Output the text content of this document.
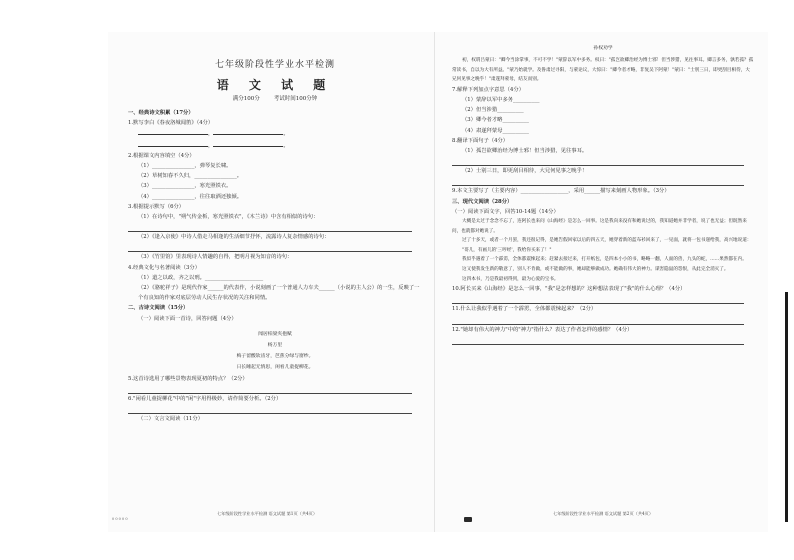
七年级阶段性学业水平检测
语 文 试 题
满分100分	考试时间100分钟
一、经典诗文积累（17分）
1.默写李白《春夜洛城闻笛》（4分）
，	。
，	。
2.根据课文内容填空（4分）
（1）________________，弹琴复长啸。
（2）草树知春不久归，________________。
（3）________________，寒光照铁衣。
（4）________________，往往取酒还独倾。
3.根据提示默写（6分）
（1）在诗句中，"朔气传金柝，寒光照铁衣"，《木兰诗》中含有相似的诗句：
（2）《逢入京使》中诗人借走马相逢的生活细节抒怀，流露诗人复杂情感的诗句：
（3）《竹里馆》里表现诗人情趣的自得，把明月视为知音的诗句：
4.经典文化与名著阅读（3分）
（1）道之以政，齐之以刑。______________________
（2）《骆驼祥子》是现代作家______的代表作，小说刻画了一个普通人力车夫______（小说的主人公）的一生，反映了一个有良知的作家对底层劳动人民生存状况的关注和同情。
二、古诗文阅读（15分）
（一）阅读下面一首诗，回答问题（4分）
闻居柏梁夹抱赋
杨万里
梅子留酸软齿牙，芭蕉分绿与窗纱。
日长睡起无情思，闲看儿童捉柳花。
5.这首诗选用了哪些景物表现夏初的特点？（2分）
6."闲看儿童捉柳花"中的"闲"字用得极妙，请作简要分析。（2分）
（二）文言文阅读（11分）
七年级阶段性学业水平检测 语文试题 第1页（共4页）
0 0 0 0 0
孙权劝学
初，权谓吕蒙曰："卿今当涂掌事，不可不学！"蒙辞以军中多务。权曰："孤岂欲卿治经为博士邪！但当涉猎，见往事耳。卿言多务，孰若孤？孤常读书，自以为大有所益。"蒙乃始就学。及鲁肃过寻阳，与蒙论议，大惊曰："卿今者才略，非复吴下阿蒙！"蒙曰："士别三日，即更刮目相待，大兄何见事之晚乎！"肃遂拜蒙母，结友而别。
7.解释下列加点字意思（4分）
（1）蒙辞以军中多务__________
（2）但当涉猎__________
（3）卿今者才略__________
（4）肃遂拜蒙母__________
8.翻译下面句子（4分）
（1）孤岂欲卿治经为博士邪！但当涉猎，见往事耳。
（2）士别三日，即更刮目相待，大兄何见事之晚乎！
9.本文主要写了（主要内容）__________________，采用______描写来刻画人物形象。（3分）
三、现代文阅读（28分）
（一）阅读下面文字，回答10-14题（14分）
大概是太过于念念不忘了，连阿长也来问《山海经》是怎么一回事。这是我向来没有和她说过的，我知道她并非学者，说了也无益；但既然来问，也就都对她说了。
过了十多天，或者一个月罢，我还很记得，是她告假回家以后的四五天，她穿着新的蓝布衫回来了，一见面，就将一包书递给我，高兴地说道：
"哥儿，有画儿的'三哼经'，我给你买来了！"
我似乎遇着了一个霹雳，全体都震悚起来；赶紧去接过来，打开纸包，是四本小小的书，略略一翻，人面的兽，九头的蛇，……果然都在内。
这又使我发生新的敬意了，别人不肯做，或不能做的事，她却能够做成功。她确有伟大的神力。谋害隐鼠的怨恨，从此完全消灭了。
这四本书，乃是我最初得到，最为心爱的宝书。
10.阿长买来《山海经》是怎么一回事，"我"是怎样想的？这种想法表现了"我"的什么心理？（4分）
11.什么让我似乎遇着了一个霹雳，全体都震悚起来？（2分）
12."她却有伟大的神力"中的"神力"指什么？表达了作者怎样的感情？（4分）
七年级阶段性学业水平检测 语文试题 第2页（共4页）
